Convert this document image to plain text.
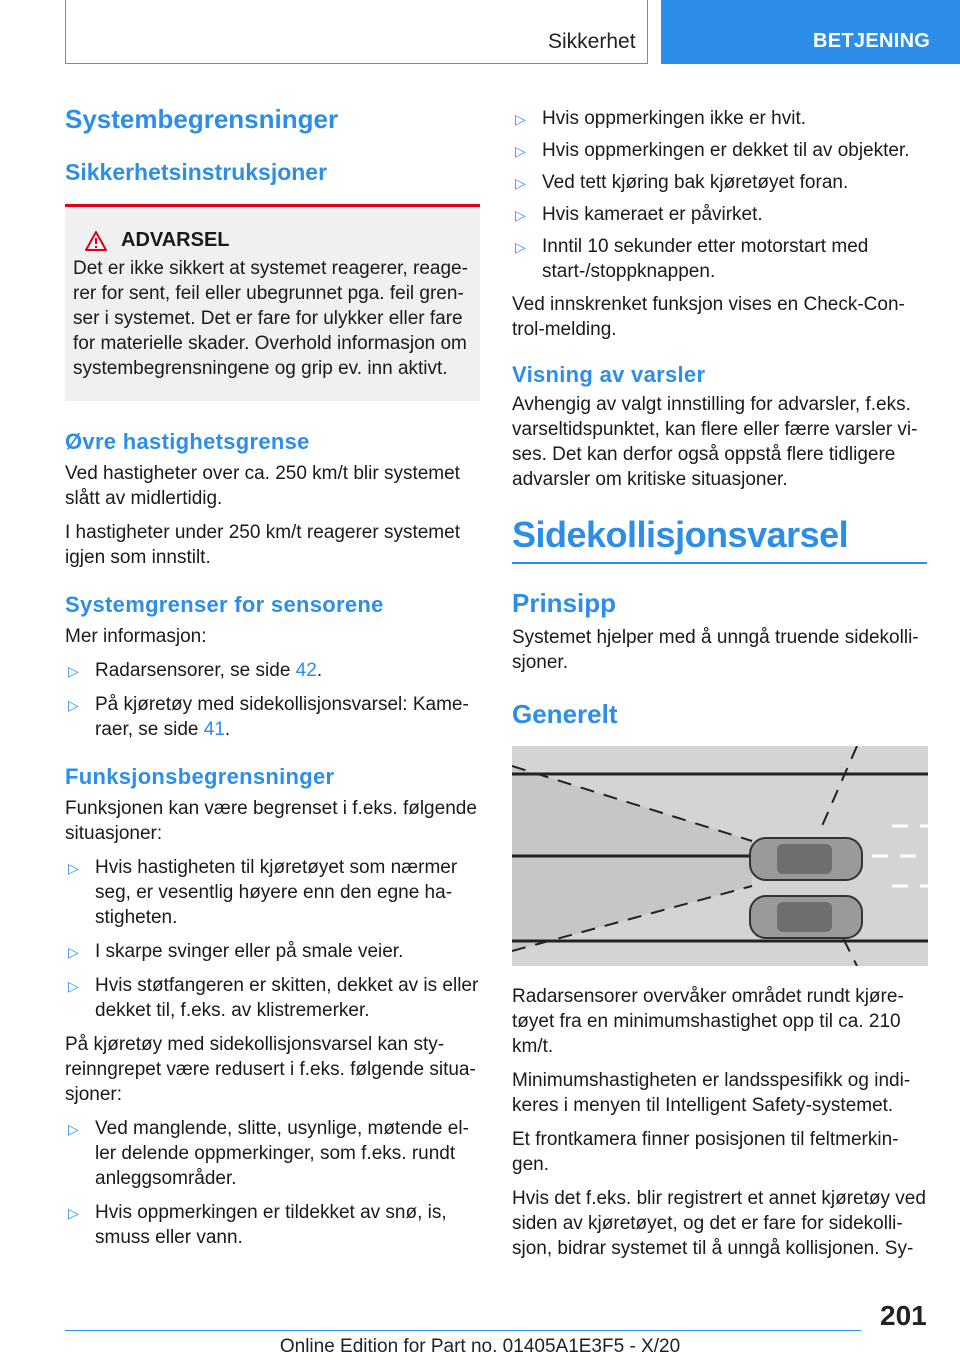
Sikkerhet	BETJENING
Systembegrensninger
Sikkerhetsinstruksjoner
ADVARSEL

Det er ikke sikkert at systemet reagerer, reagerer for sent, feil eller ubegrunnet pga. feil grenser i systemet. Det er fare for ulykker eller fare for materielle skader. Overhold informasjon om systembegrensningene og grip ev. inn aktivt.

Øvre hastighetsgrense

Ved hastigheter over ca. 250 km/t blir systemet slått av midlertidig.

I hastigheter under 250 km/t reagerer systemet igjen som innstilt.

Systemgrenser for sensorene

Mer informasjon:

▷ Radarsensorer, se side 42.
▷ På kjøretøy med sidekollisjonsvarsel: Kameraer, se side 41.
Funksjonsbegrensninger

Funksjonen kan være begrenset i f.eks. følgende situasjoner:

▷ Hvis hastigheten til kjøretøyet som nærmer seg, er vesentlig høyere enn den egne hastigheten.
▷ I skarpe svinger eller på smale veier.
▷ Hvis støtfangeren er skitten, dekket av is eller dekket til, f.eks. av klistremerker.

På kjøretøy med sidekollisjonsvarsel kan styreinngrepet være redusert i f.eks. følgende situasjoner:

▷ Ved manglende, slitte, usynlige, møtende eller delende oppmerkinger, som f.eks. rundt anleggsområder.
▷ Hvis oppmerkingen er tildekket av snø, is, smuss eller vann.
▷ Hvis oppmerkingen ikke er hvit.
▷ Hvis oppmerkingen er dekket til av objekter.
▷ Ved tett kjøring bak kjøretøyet foran.
▷ Hvis kameraet er påvirket.
▷ Inntil 10 sekunder etter motorstart med start-/stoppknappen.

Ved innskrenket funksjon vises en Check-Control-melding.

Visning av varsler

Avhengig av valgt innstilling for advarsler, f.eks. varseltidspunktet, kan flere eller færre varsler vises. Det kan derfor også oppstå flere tidligere advarsler om kritiske situasjoner.

Sidekollisjonsvarsel
Prinsipp

Systemet hjelper med å unngå truende sidekollisjoner.

Generelt

Radarsensorer overvåker området rundt kjøretøyet fra en minimumshastighet opp til ca. 210 km/t.

Minimumshastigheten er landsspesifikk og indikeres i menyen til Intelligent Safety-systemet.

Et frontkamera finner posisjonen til feltmerkingen.

Hvis det f.eks. blir registrert et annet kjøretøy ved siden av kjøretøyet, og det er fare for sidekollisjon, bidrar systemet til å unngå kollisjonen. Sy-

201
Online Edition for Part no. 01405A1E3F5 - X/20
